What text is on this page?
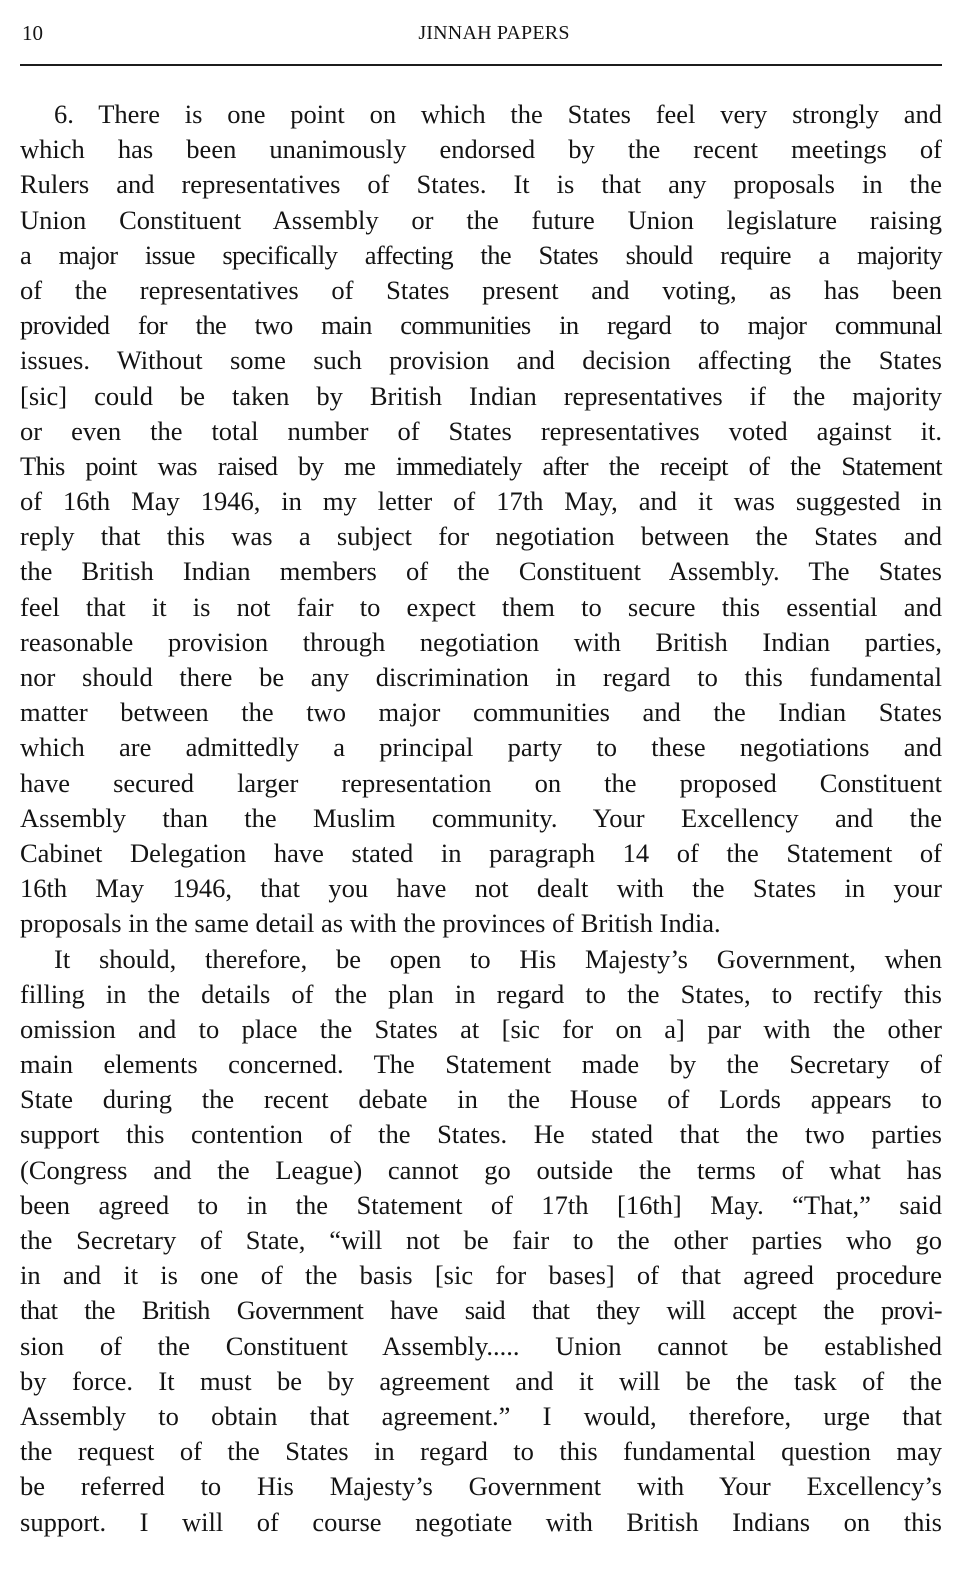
10	JINNAH PAPERS
6. There is one point on which the States feel very strongly and
which has been unanimously endorsed by the recent meetings of
Rulers and representatives of States. It is that any proposals in the
Union Constituent Assembly or the future Union legislature raising
a major issue specifically affecting the States should require a majority
of the representatives of States present and voting, as has been
provided for the two main communities in regard to major communal
issues. Without some such provision and decision affecting the States
[sic] could be taken by British Indian representatives if the majority
or even the total number of States representatives voted against it.
This point was raised by me immediately after the receipt of the Statement
of 16th May 1946, in my letter of 17th May, and it was suggested in
reply that this was a subject for negotiation between the States and
the British Indian members of the Constituent Assembly. The States
feel that it is not fair to expect them to secure this essential and
reasonable provision through negotiation with British Indian parties,
nor should there be any discrimination in regard to this fundamental
matter between the two major communities and the Indian States
which are admittedly a principal party to these negotiations and
have secured larger representation on the proposed Constituent
Assembly than the Muslim community. Your Excellency and the
Cabinet Delegation have stated in paragraph 14 of the Statement of
16th May 1946, that you have not dealt with the States in your
proposals in the same detail as with the provinces of British India.
It should, therefore, be open to His Majesty’s Government, when
filling in the details of the plan in regard to the States, to rectify this
omission and to place the States at [sic for on a] par with the other
main elements concerned. The Statement made by the Secretary of
State during the recent debate in the House of Lords appears to
support this contention of the States. He stated that the two parties
(Congress and the League) cannot go outside the terms of what has
been agreed to in the Statement of 17th [16th] May. “That,” said
the Secretary of State, “will not be fair to the other parties who go
in and it is one of the basis [sic for bases] of that agreed procedure
that the British Government have said that they will accept the provi-
sion of the Constituent Assembly..... Union cannot be established
by force. It must be by agreement and it will be the task of the
Assembly to obtain that agreement.” I would, therefore, urge that
the request of the States in regard to this fundamental question may
be referred to His Majesty’s Government with Your Excellency’s
support. I will of course negotiate with British Indians on this
